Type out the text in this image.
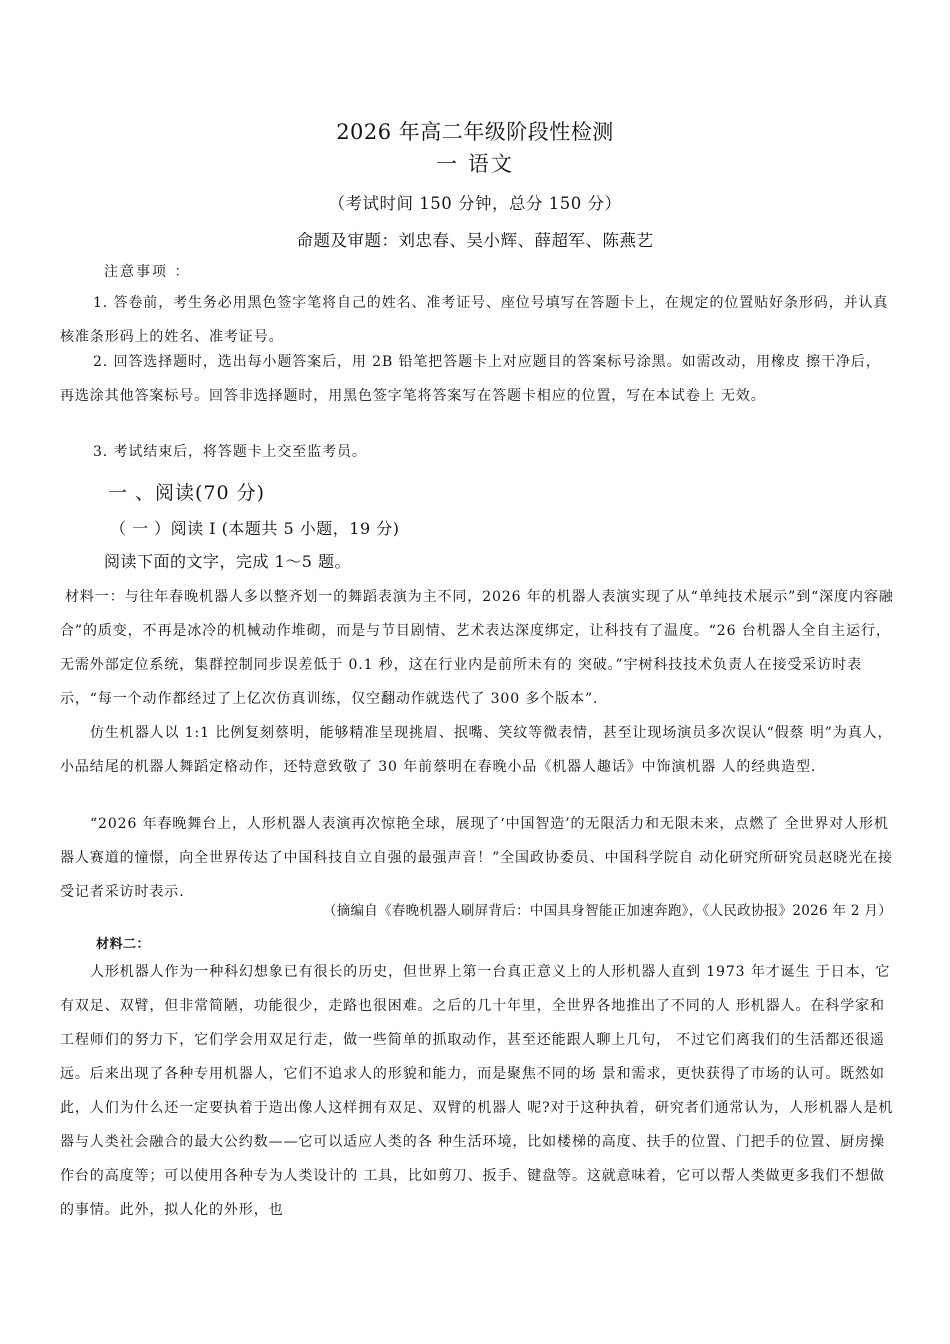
2026 年高二年级阶段性检测
一 语文
（考试时间 150 分钟，总分 150 分）
命题及审题：刘忠春、吴小辉、薛超军、陈燕艺
注意事项 ：
1. 答卷前，考生务必用黑色签字笔将自己的姓名、准考证号、座位号填写在答题卡上，在规定的位置贴好条形码，并认真核准条形码上的姓名、准考证号。
2. 回答选择题时，选出每小题答案后，用 2B 铅笔把答题卡上对应题目的答案标号涂黑。如需改动，用橡皮 擦干净后，再选涂其他答案标号。回答非选择题时，用黑色签字笔将答案写在答题卡相应的位置，写在本试卷上 无效。
3. 考试结束后，将答题卡上交至监考员。
一 、阅读(70 分)
（ 一 ）阅读 I (本题共 5 小题，19 分)
阅读下面的文字，完成 1～5 题。
材料一：与往年春晚机器人多以整齐划一的舞蹈表演为主不同，2026 年的机器人表演实现了从“单纯技术展示”到“深度内容融合”的质变，不再是冰冷的机械动作堆砌，而是与节目剧情、艺术表达深度绑定，让科技有了温度。“26 台机器人全自主运行，无需外部定位系统，集群控制同步误差低于 0.1 秒，这在行业内是前所未有的 突破。”宇树科技技术负责人在接受采访时表示，“每一个动作都经过了上亿次仿真训练，仅空翻动作就迭代了 300 多个版本”.
仿生机器人以 1:1 比例复刻蔡明，能够精准呈现挑眉、抿嘴、笑纹等微表情，甚至让现场演员多次误认“假蔡 明”为真人，小品结尾的机器人舞蹈定格动作，还特意致敬了 30 年前蔡明在春晚小品《机器人趣话》中饰演机器 人的经典造型.
“2026 年春晚舞台上，人形机器人表演再次惊艳全球，展现了‘中国智造’的无限活力和无限未来，点燃了 全世界对人形机器人赛道的憧憬，向全世界传达了中国科技自立自强的最强声音！”全国政协委员、中国科学院自 动化研究所研究员赵晓光在接受记者采访时表示.
（摘编自《春晚机器人刷屏背后：中国具身智能正加速奔跑》，《人民政协报》2026 年 2 月）
材料二：
人形机器人作为一种科幻想象已有很长的历史，但世界上第一台真正意义上的人形机器人直到 1973 年才诞生 于日本，它有双足、双臂，但非常简陋，功能很少，走路也很困难。之后的几十年里，全世界各地推出了不同的人 形机器人。在科学家和工程师们的努力下，它们学会用双足行走，做一些简单的抓取动作，甚至还能跟人聊上几句， 不过它们离我们的生活都还很遥远。后来出现了各种专用机器人，它们不追求人的形貌和能力，而是聚焦不同的场 景和需求，更快获得了市场的认可。既然如此，人们为什么还一定要执着于造出像人这样拥有双足、双臂的机器人 呢?对于这种执着，研究者们通常认为，人形机器人是机器与人类社会融合的最大公约数——它可以适应人类的各 种生活环境，比如楼梯的高度、扶手的位置、门把手的位置、厨房操作台的高度等；可以使用各种专为人类设计的 工具，比如剪刀、扳手、键盘等。这就意味着，它可以帮人类做更多我们不想做的事情。此外，拟人化的外形，也
